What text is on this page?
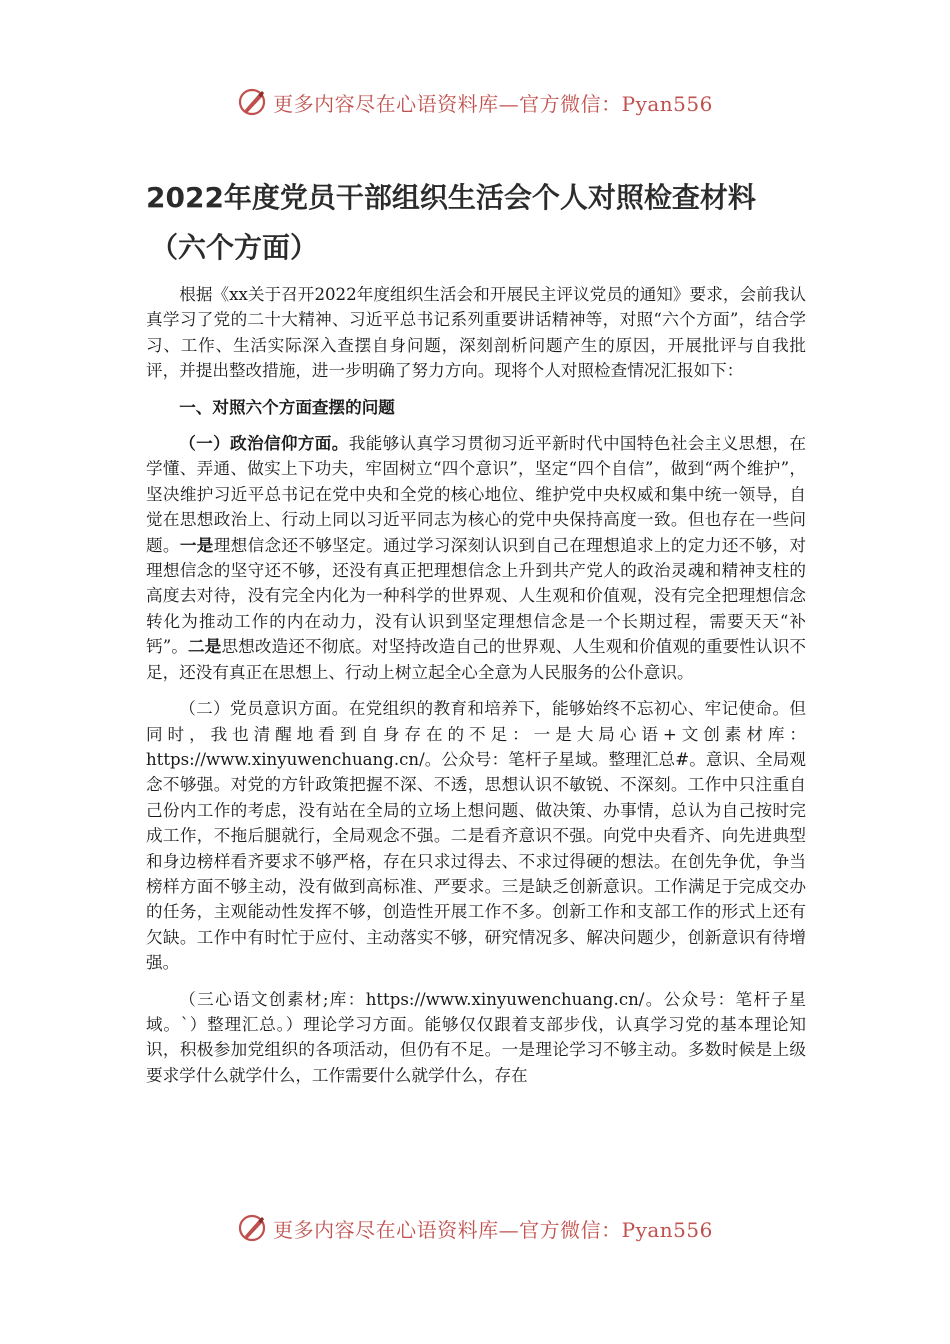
更多内容尽在心语资料库—官方微信：Pyan556
2022年度党员干部组织生活会个人对照检查材料
（六个方面）

根据《xx关于召开2022年度组织生活会和开展民主评议党员的通知》要求，会前我认真学习了党的二十大精神、习近平总书记系列重要讲话精神等，对照“六个方面”，结合学习、工作、生活实际深入查摆自身问题，深刻剖析问题产生的原因，开展批评与自我批评，并提出整改措施，进一步明确了努力方向。现将个人对照检查情况汇报如下：

一、对照六个方面查摆的问题

（一）政治信仰方面。我能够认真学习贯彻习近平新时代中国特色社会主义思想，在学懂、弄通、做实上下功夫，牢固树立“四个意识”，坚定“四个自信”，做到“两个维护”，坚决维护习近平总书记在党中央和全党的核心地位、维护党中央权威和集中统一领导，自觉在思想政治上、行动上同以习近平同志为核心的党中央保持高度一致。但也存在一些问题。一是理想信念还不够坚定。通过学习深刻认识到自己在理想追求上的定力还不够，对理想信念的坚守还不够，还没有真正把理想信念上升到共产党人的政治灵魂和精神支柱的高度去对待，没有完全内化为一种科学的世界观、人生观和价值观，没有完全把理想信念转化为推动工作的内在动力，没有认识到坚定理想信念是一个长期过程，需要天天“补钙”。二是思想改造还不彻底。对坚持改造自己的世界观、人生观和价值观的重要性认识不足，还没有真正在思想上、行动上树立起全心全意为人民服务的公仆意识。

（二）党员意识方面。在党组织的教育和培养下，能够始终不忘初心、牢记使命。但同时，我也清醒地看到自身存在的不足：一是大局心语+文创素材库：https://www.xinyuwenchuang.cn/。公众号：笔杆子星域。整理汇总#。意识、全局观念不够强。对党的方针政策把握不深、不透，思想认识不敏锐、不深刻。工作中只注重自己份内工作的考虑，没有站在全局的立场上想问题、做决策、办事情，总认为自己按时完成工作，不拖后腿就行，全局观念不强。二是看齐意识不强。向党中央看齐、向先进典型和身边榜样看齐要求不够严格，存在只求过得去、不求过得硬的想法。在创先争优，争当榜样方面不够主动，没有做到高标准、严要求。三是缺乏创新意识。工作满足于完成交办的任务，主观能动性发挥不够，创造性开展工作不多。创新工作和支部工作的形式上还有欠缺。工作中有时忙于应付、主动落实不够，研究情况多、解决问题少，创新意识有待增强。

（三心语文创素材;库：https://www.xinyuwenchuang.cn/。公众号：笔杆子星域。`）整理汇总。）理论学习方面。能够仅仅跟着支部步伐，认真学习党的基本理论知识，积极参加党组织的各项活动，但仍有不足。一是理论学习不够主动。多数时候是上级要求学什么就学什么，工作需要什么就学什么，存在

更多内容尽在心语资料库—官方微信：Pyan556
